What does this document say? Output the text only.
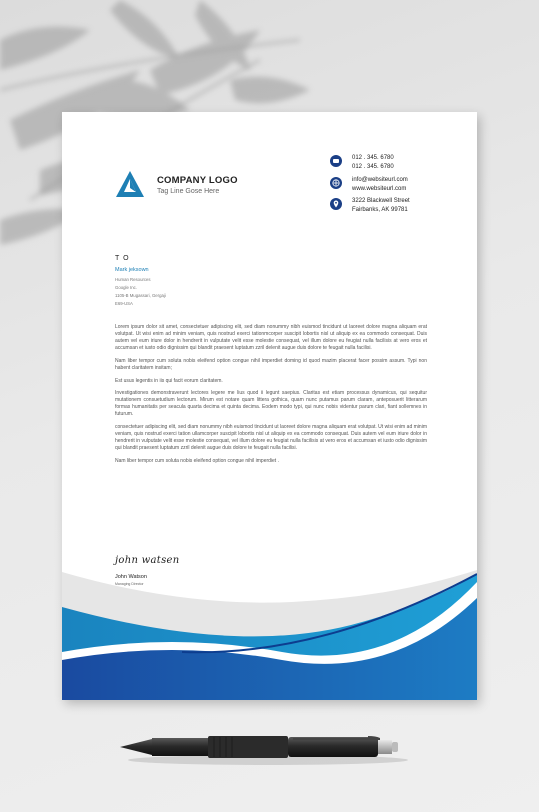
COMPANY LOGO
Tag Line Gose Here
012 . 345. 6780
012 . 345. 6780
info@websiteurl.com
www.websiteurl.com
3222 Blackwell Street
Fairbanks, AK 99781
T O
Mark jeksown
Human Resources
Google Inc.
1105-B Mugassari, Gergaji
E69-USA

Lorem ipsum dolor sit amet, consectetuer adipiscing elit, sed diam nonummy nibh euismod tincidunt ut laoreet dolore magna aliquam erat volutpat. Ut wisi enim ad minim veniam, quis nostrud exerci tationmcorper suscipit lobortis nisl ut aliquip ex ea commodo consequat. Duis autem vel eum iriure dolor in hendrerit in vulputate velit esse molestie consequat, vel illum dolore eu feugiat nulla facilisis at vero eros et accumsan et iusto odio dignissim qui blandit praesent luptatum zzril delenit augue duis dolore te feugait nulla facilisi.

Nam liber tempor cum soluta nobis eleifend option congue nihil imperdiet doming id quod mazim placerat facer possim assum. Typi non habent claritatem insitam;

Est usus legentis in iis qui facit eorum claritatem.

Investigationes demonstraverunt lectores legere me lius quod ii legunt saepius. Claritas est etiam processus dynamicus, qui sequitur mutationem consuetudium lectorum. Mirum est notare quam littera gothica, quam nunc putamus parum claram, anteposuerit litterarum formas humanitatis per seacula quarta decima et quinta decima. Eodem modo typi, qui nunc nobis videntur parum clari, fiant sollemnes in futurum.

consectetuer adipiscing elit, sed diam nonummy nibh euismod tincidunt ut laoreet dolore magna aliquam erat volutpat. Ut wisi enim ad minim veniam, quis nostrud exerci tation ullamcorper suscipit lobortis nisl ut aliquip ex ea commodo consequat. Duis autem vel eum iriure dolor in hendrerit in vulputate velit esse molestie consequat, vel illum dolore eu feugiat nulla facilisis at vero eros et accumsan et iusto odio dignissim qui blandit praesent luptatum zzril delenit augue duis dolore te feugait nulla facilisi.

Nam liber tempor cum soluta nobis eleifend option congue nihil imperdiet .

john watsen
John Watson
Managing Director
